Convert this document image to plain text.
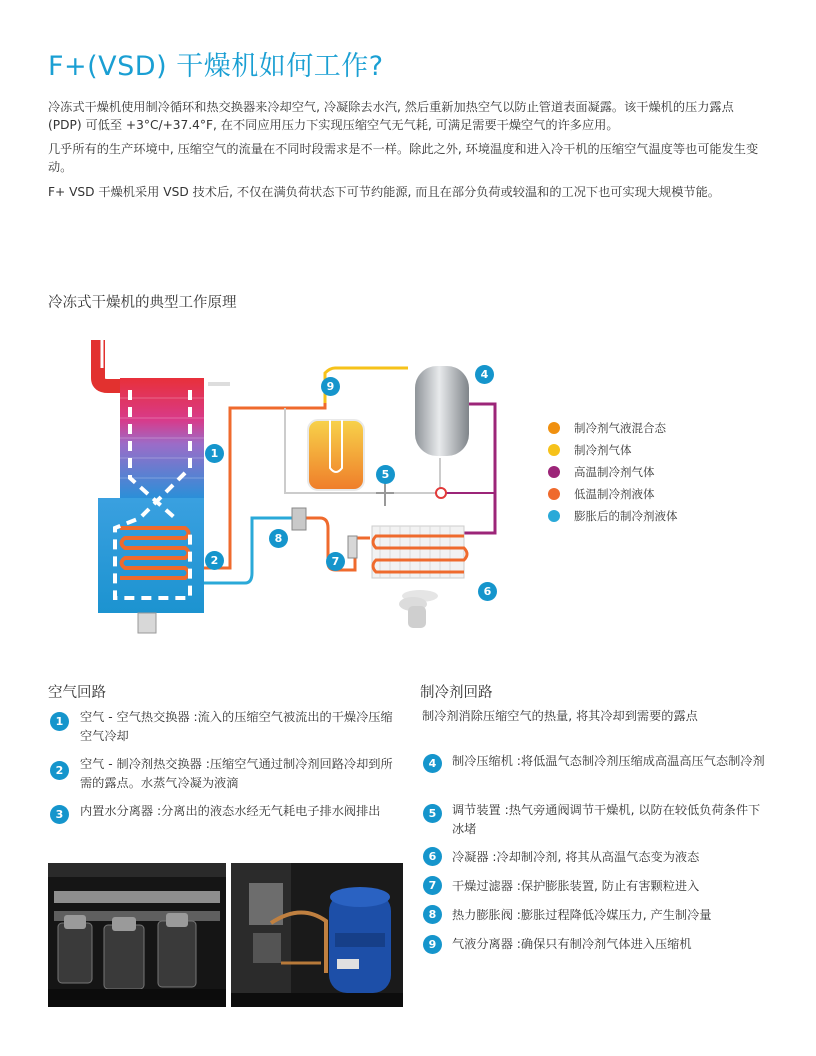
F+(VSD) 干燥机如何工作?
冷冻式干燥机使用制冷循环和热交换器来冷却空气, 冷凝除去水汽, 然后重新加热空气以防止管道表面凝露。该干燥机的压力露点 (PDP) 可低至 +3°C/+37.4°F, 在不同应用压力下实现压缩空气无气耗, 可满足需要干燥空气的许多应用。
几乎所有的生产环境中, 压缩空气的流量在不同时段需求是不一样。除此之外, 环境温度和进入冷干机的压缩空气温度等也可能发生变动。
F+ VSD 干燥机采用 VSD 技术后, 不仅在满负荷状态下可节约能源, 而且在部分负荷或较温和的工况下也可实现大规模节能。
冷冻式干燥机的典型工作原理
1
2
4
5
6
7
8
9
制冷剂气液混合态
制冷剂气体
高温制冷剂气体
低温制冷剂液体
膨胀后的制冷剂液体
空气回路
1	空气 - 空气热交换器 :流入的压缩空气被流出的干燥冷压缩空气冷却
2	空气 - 制冷剂热交换器 :压缩空气通过制冷剂回路冷却到所需的露点。水蒸气冷凝为液滴
3	内置水分离器 :分离出的液态水经无气耗电子排水阀排出
制冷剂回路
制冷剂消除压缩空气的热量, 将其冷却到需要的露点
4	制冷压缩机 :将低温气态制冷剂压缩成高温高压气态制冷剂
5	调节装置 :热气旁通阀调节干燥机, 以防在较低负荷条件下冰堵
6	冷凝器 :冷却制冷剂, 将其从高温气态变为液态
7	干燥过滤器 :保护膨胀装置, 防止有害颗粒进入
8	热力膨胀阀 :膨胀过程降低冷媒压力, 产生制冷量
9	气液分离器 :确保只有制冷剂气体进入压缩机
